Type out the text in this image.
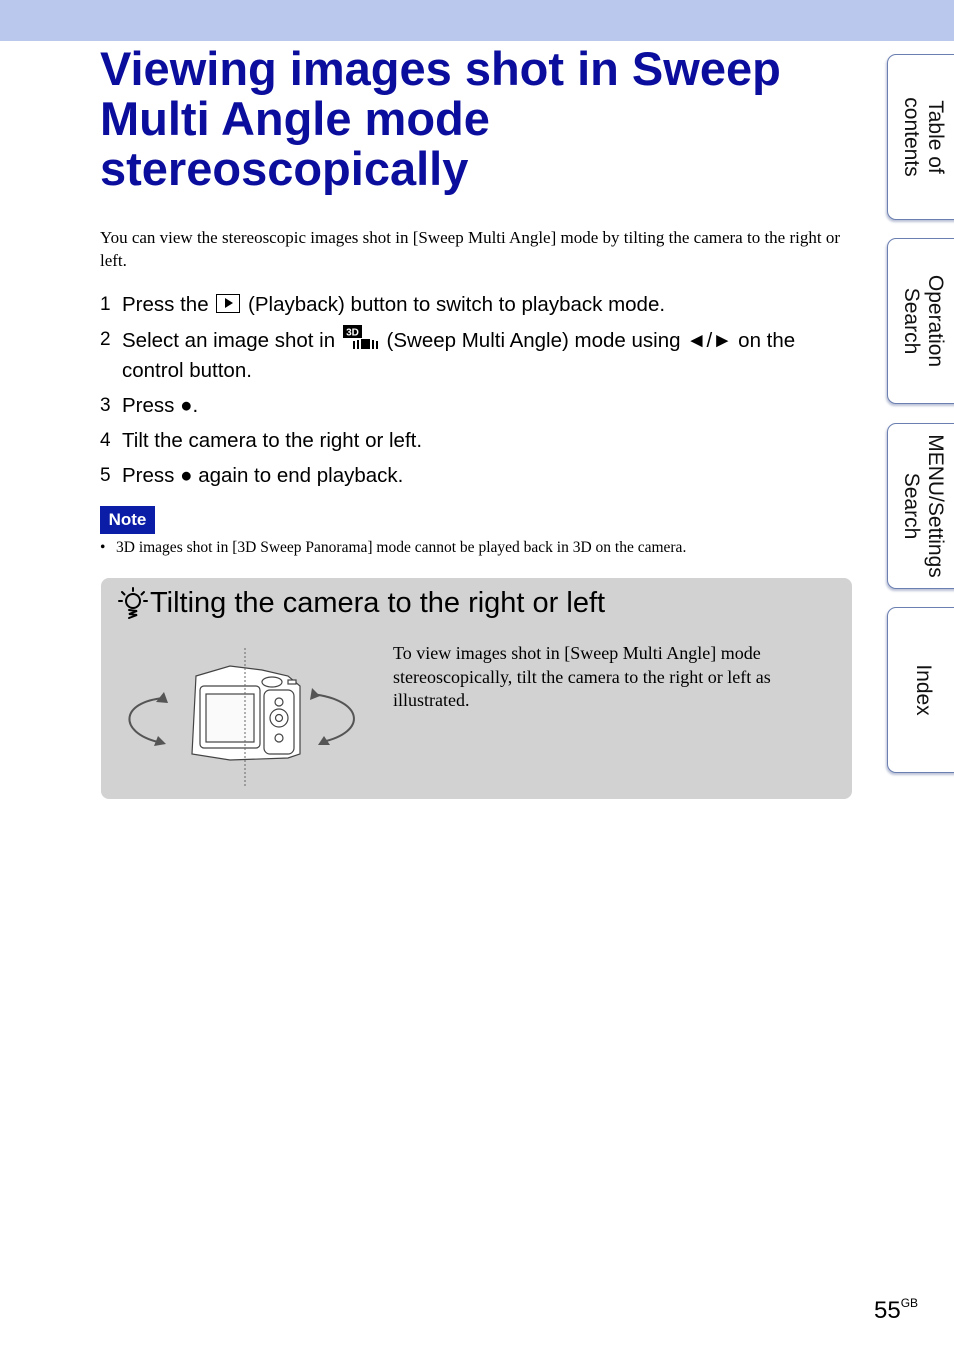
Viewing images shot in Sweep Multi Angle mode stereoscopically

You can view the stereoscopic images shot in [Sweep Multi Angle] mode by tilting the camera to the right or left.

1 Press the (Playback) button to switch to playback mode.
2 Select an image shot in 3D (Sweep Multi Angle) mode using ◄/► on the control button.
3 Press ●.
4 Tilt the camera to the right or left.
5 Press ● again to end playback.
Note

• 3D images shot in [3D Sweep Panorama] mode cannot be played back in 3D on the camera.

Tilting the camera to the right or left

To view images shot in [Sweep Multi Angle] mode stereoscopically, tilt the camera to the right or left as illustrated.

Table of
contents
Operation
Search
MENU/Settings
Search
Index
$55^{GB}$
